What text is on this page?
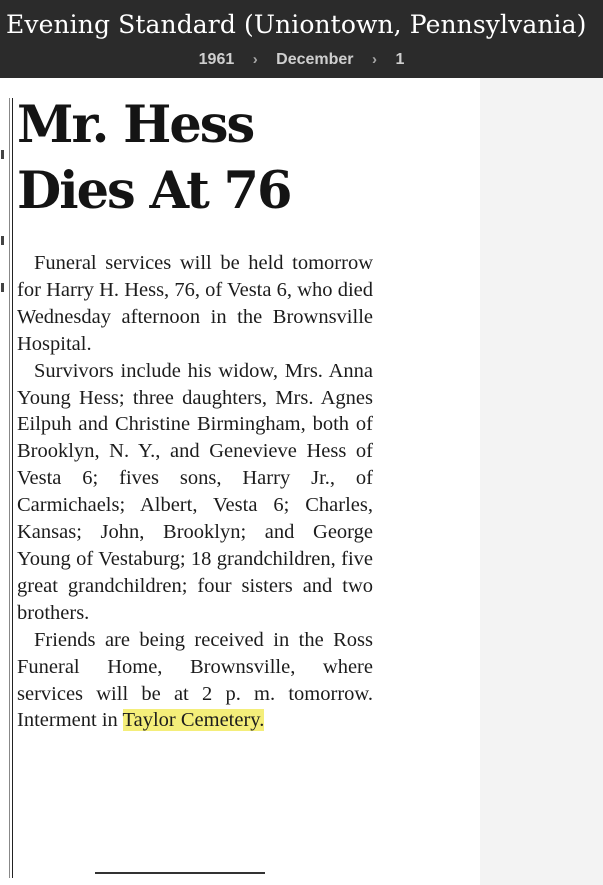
Evening Standard (Uniontown, Pennsylvania)
1961 › December › 1
Mr. Hess
Dies At 76

Funeral services will be held tomorrow for Harry H. Hess, 76, of Vesta 6, who died Wednesday afternoon in the Brownsville Hospital.

Survivors include his widow, Mrs. Anna Young Hess; three daughters, Mrs. Agnes Eilpuh and Christine Birmingham, both of Brooklyn, N. Y., and Genevieve Hess of Vesta 6; fives sons, Harry Jr., of Carmichaels; Albert, Vesta 6; Charles, Kansas; John, Brooklyn; and George Young of Vestaburg; 18 grandchildren, five great grandchildren; four sisters and two brothers.

Friends are being received in the Ross Funeral Home, Brownsville, where services will be at 2 p. m. tomorrow. Interment in Taylor Cemetery.
